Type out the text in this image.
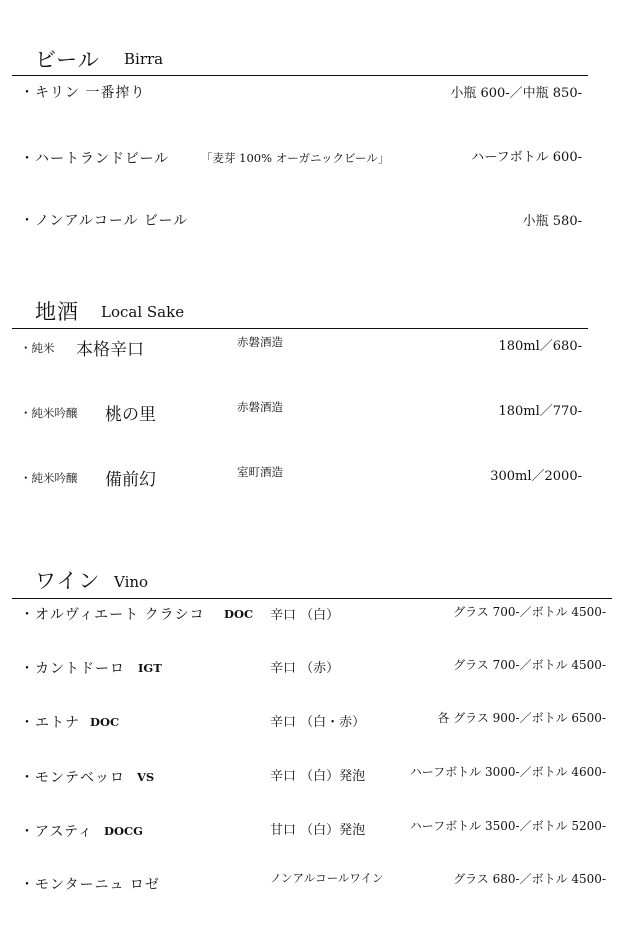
ビール Birra
・キリン 一番搾り	小瓶 600-／中瓶 850-
・ハートランドビール	「麦芽 100% オーガニックビール」	ハーフボトル 600-
・ノンアルコール ビール	小瓶 580-
地酒 Local Sake
・純米 本格辛口	赤磐酒造	180ml／680-
・純米吟醸 桃の里	赤磐酒造	180ml／770-
・純米吟醸 備前幻	室町酒造	300ml／2000-
ワイン Vino
・オルヴィエート クラシコ DOC 辛口 （白）	グラス 700-／ボトル 4500-
・カントドーロ IGT	辛口 （赤）	グラス 700-／ボトル 4500-
・エトナ DOC	辛口 （白・赤）	各 グラス 900-／ボトル 6500-
・モンテベッロ VS	辛口 （白）発泡	ハーフボトル 3000-／ボトル 4600-
・アスティ DOCG	甘口 （白）発泡	ハーフボトル 3500-／ボトル 5200-
・モンターニュ ロゼ	ノンアルコールワイン	グラス 680-／ボトル 4500-
